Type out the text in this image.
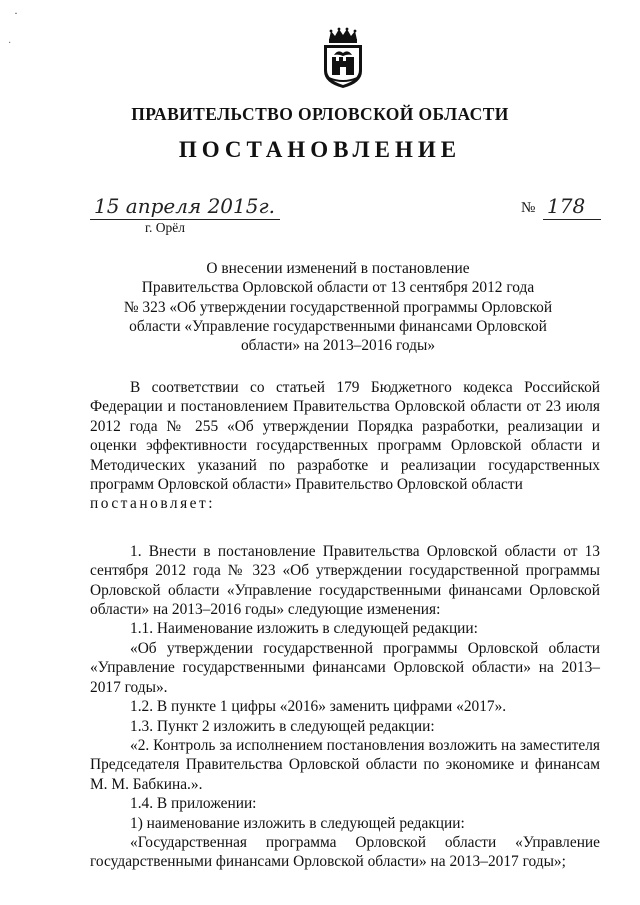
·
·
ПРАВИТЕЛЬСТВО ОРЛОВСКОЙ ОБЛАСТИ
ПОСТАНОВЛЕНИЕ
15 апреля 2015г.
г. Орёл
№ 178
О внесении изменений в постановление
Правительства Орловской области от 13 сентября 2012 года
№ 323 «Об утверждении государственной программы Орловской
области «Управление государственными финансами Орловской
области» на 2013–2016 годы»

В соответствии со статьей 179 Бюджетного кодекса Российской Федерации и постановлением Правительства Орловской области от 23 июля 2012 года № 255 «Об утверждении Порядка разработки, реализации и оценки эффективности государственных программ Орловской области и Методических указаний по разработке и реализации государственных программ Орловской области» Правительство Орловской области

постановляет:

1. Внести в постановление Правительства Орловской области от 13 сентября 2012 года № 323 «Об утверждении государственной программы Орловской области «Управление государственными финансами Орловской области» на 2013–2016 годы» следующие изменения:

1.1. Наименование изложить в следующей редакции:

«Об утверждении государственной программы Орловской области «Управление государственными финансами Орловской области» на 2013–2017 годы».

1.2. В пункте 1 цифры «2016» заменить цифрами «2017».

1.3. Пункт 2 изложить в следующей редакции:

«2. Контроль за исполнением постановления возложить на заместителя Председателя Правительства Орловской области по экономике и финансам М. М. Бабкина.».

1.4. В приложении:

1) наименование изложить в следующей редакции:

«Государственная программа Орловской области «Управление государственными финансами Орловской области» на 2013–2017 годы»;
